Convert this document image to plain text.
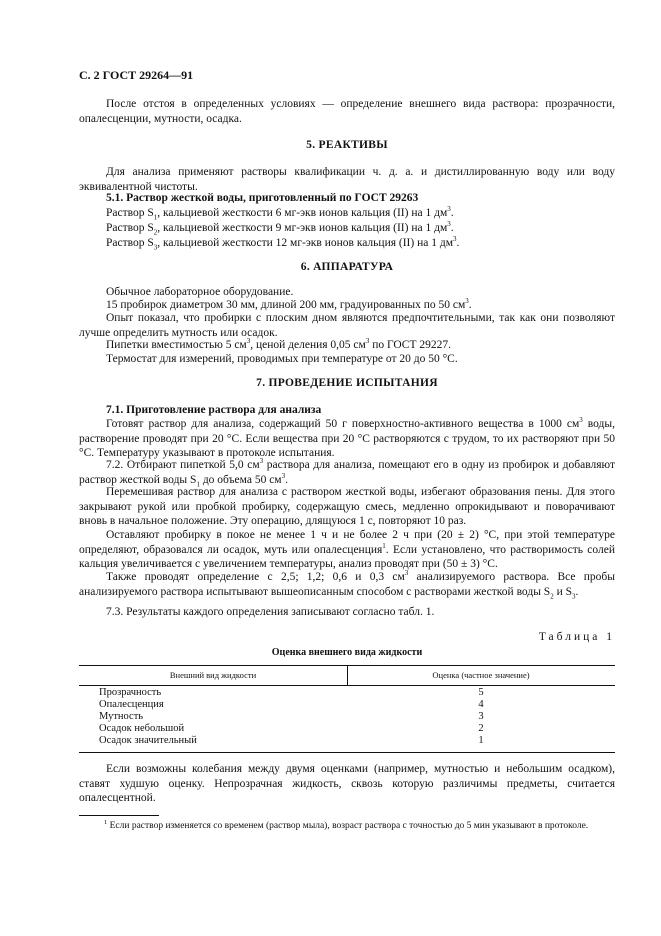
С. 2 ГОСТ 29264—91

После отстоя в определенных условиях — определение внешнего вида раствора: прозрачности, опалесценции, мутности, осадка.

5. РЕАКТИВЫ

Для анализа применяют растворы квалификации ч. д. а. и дистиллированную воду или воду эквивалентной чистоты.

5.1. Раствор жесткой воды, приготовленный по ГОСТ 29263
Раствор $S_1$, кальциевой жесткости 6 мг-экв ионов кальция (II) на 1 $дм^3$.
Раствор $S_2$, кальциевой жесткости 9 мг-экв ионов кальция (II) на 1 $дм^3$.
Раствор $S_3$, кальциевой жесткости 12 мг-экв ионов кальция (II) на 1 $дм^3$.
6. АППАРАТУРА
Обычное лабораторное оборудование.
15 пробирок диаметром 30 мм, длиной 200 мм, градуированных по 50 $см^3$.

Опыт показал, что пробирки с плоским дном являются предпочтительными, так как они позволяют лучше определить мутность или осадок.

Пипетки вместимостью 5 $см^3$, ценой деления 0,05 $см^3$ по ГОСТ 29227.
Термостат для измерений, проводимых при температуре от 20 до 50 °С.
7. ПРОВЕДЕНИЕ ИСПЫТАНИЯ
7.1. Приготовление раствора для анализа

Готовят раствор для анализа, содержащий 50 г поверхностно-активного вещества в 1000 $см^3$ воды, растворение проводят при 20 °С. Если вещества при 20 °С растворяются с трудом, то их растворяют при 50 °С. Температуру указывают в протоколе испытания.

7.2. Отбирают пипеткой 5,0 $см^3$ раствора для анализа, помещают его в одну из пробирок и добавляют раствор жесткой воды $S_1$ до объема 50 $см^3$.

Перемешивая раствор для анализа с раствором жесткой воды, избегают образования пены. Для этого закрывают рукой или пробкой пробирку, содержащую смесь, медленно опрокидывают и поворачивают вновь в начальное положение. Эту операцию, длящуюся 1 с, повторяют 10 раз.

Оставляют пробирку в покое не менее 1 ч и не более 2 ч при (20 ± 2) °С, при этой температуре определяют, образовался ли осадок, муть или опалесценция$^1$. Если установлено, что растворимость солей кальция увеличивается с увеличением температуры, анализ проводят при (50 ± 3) °С.

Также проводят определение с 2,5; 1,2; 0,6 и 0,3 $см^3$ анализируемого раствора. Все пробы анализируемого раствора испытывают вышеописанным способом с растворами жесткой воды $S_2$ и $S_3$.

7.3. Результаты каждого определения записывают согласно табл. 1.
Таблица 1
Оценка внешнего вида жидкости
Внешний вид жидкости	Оценка (частное значение)
Прозрачность	5
Опалесценция	4
Мутность	3
Осадок небольшой	2
Осадок значительный	1

Если возможны колебания между двумя оценками (например, мутностью и небольшим осадком), ставят худшую оценку. Непрозрачная жидкость, сквозь которую различимы предметы, считается опалесцентной.

$^1$ Если раствор изменяется со временем (раствор мыла), возраст раствора с точностью до 5 мин указывают в протоколе.
